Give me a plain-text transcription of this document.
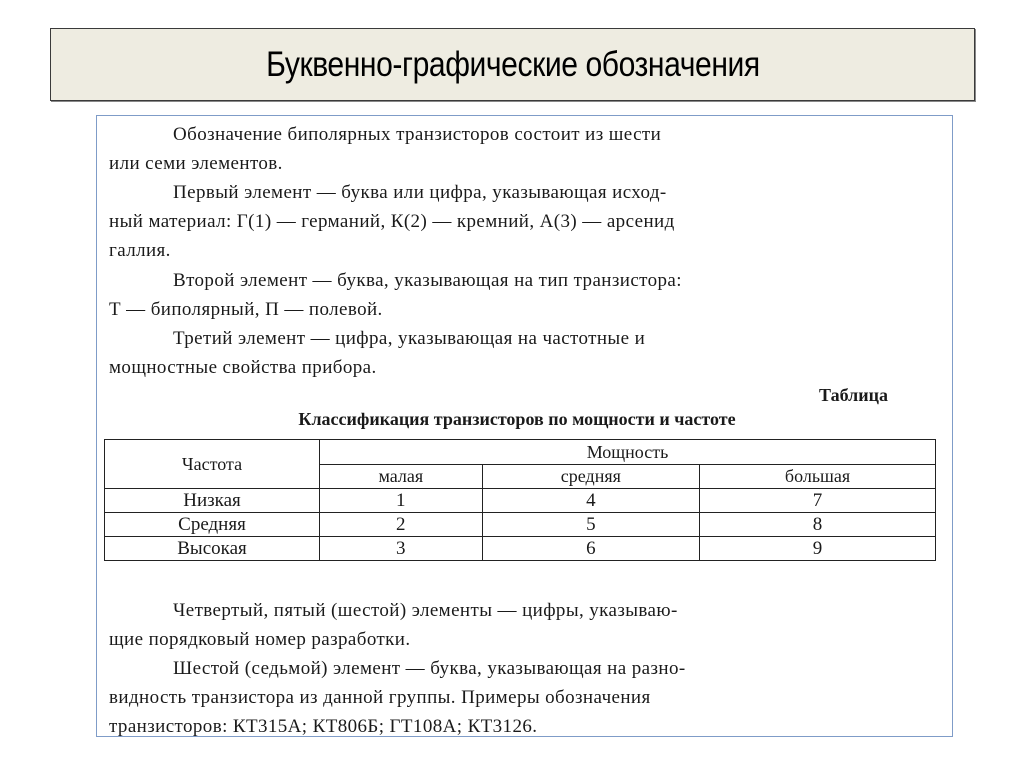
Буквенно-графические обозначения
Обозначение биполярных транзисторов состоит из шести
или семи элементов.
Первый элемент — буква или цифра, указывающая исход-
ный материал: Г(1) — германий, К(2) — кремний, А(3) — арсенид
галлия.
Второй элемент — буква, указывающая на тип транзистора:
Т — биполярный, П — полевой.
Третий элемент — цифра, указывающая на частотные и
мощностные свойства прибора.
Таблица
Классификация транзисторов по мощности и частоте
Частота	Мощность		
	малая	средняя	большая
Низкая	1	4	7
Средняя	2	5	8
Высокая	3	6	9
Четвертый, пятый (шестой) элементы — цифры, указываю-
щие порядковый номер разработки.
Шестой (седьмой) элемент — буква, указывающая на разно-
видность транзистора из данной группы. Примеры обозначения
транзисторов: КТ315А; КТ806Б; ГТ108А; КТ3126.
